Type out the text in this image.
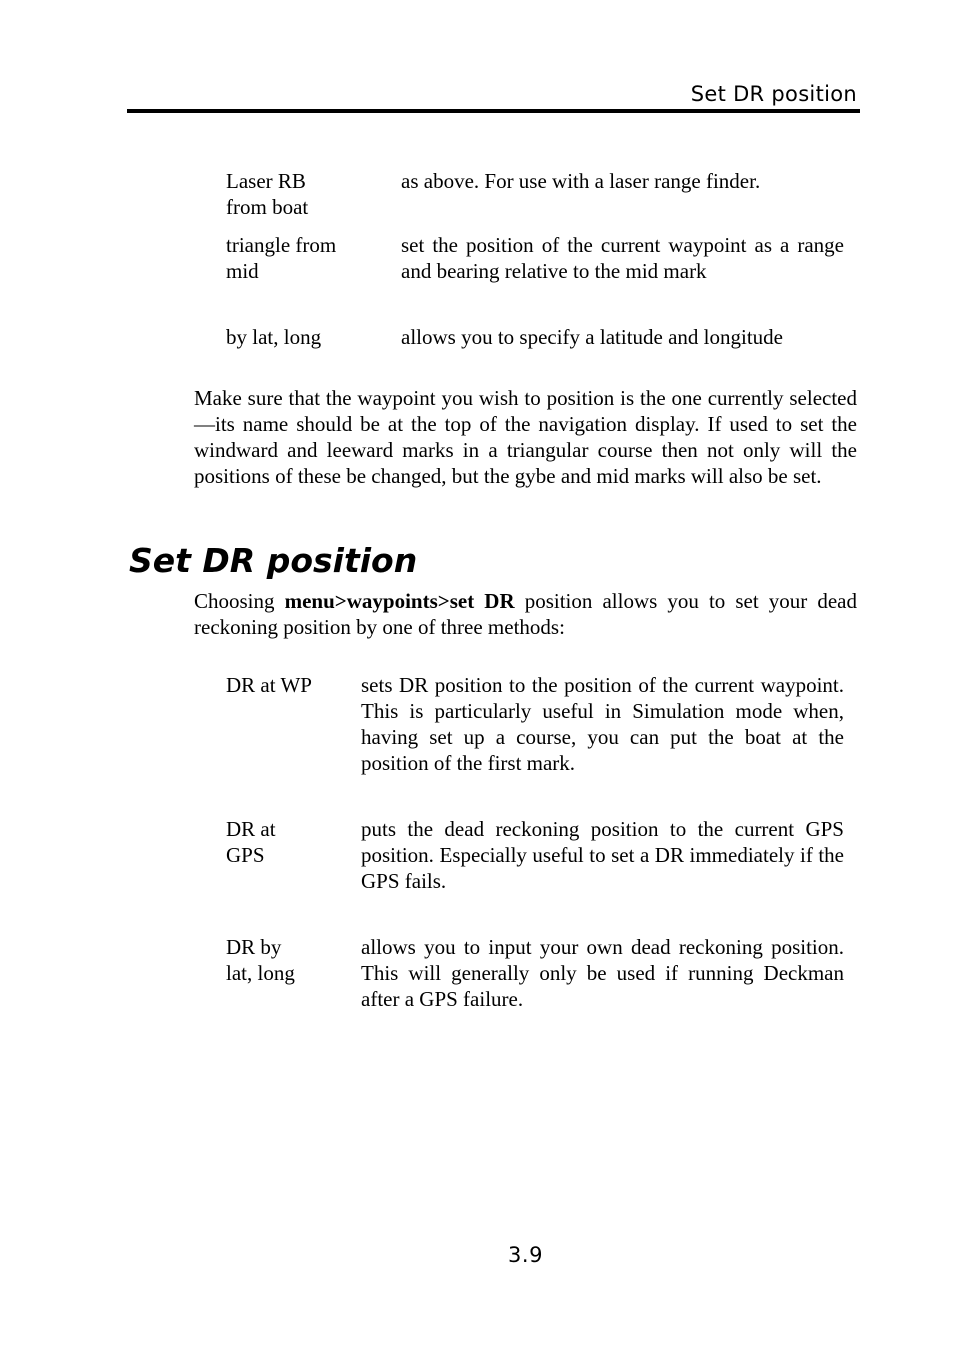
Set DR position
Laser RB from boat
as above. For use with a laser range finder.
triangle from mid
set the position of the current waypoint as a range and bearing relative to the mid mark
by lat, long	allows you to specify a latitude and longitude

Make sure that the waypoint you wish to position is the one currently selected—its name should be at the top of the navigation display. If used to set the windward and leeward marks in a triangular course then not only will the positions of these be changed, but the gybe and mid marks will also be set.

Set DR position

Choosing menu>waypoints>set DR position allows you to set your dead reckoning position by one of three methods:

DR at WP	sets DR position to the position of the current waypoint. This is particularly useful in Simulation mode when, having set up a course, you can put the boat at the position of the first mark.
DR at GPS
puts the dead reckoning position to the current GPS position. Especially useful to set a DR immediately if the GPS fails.
DR by lat, long
allows you to input your own dead reckoning position. This will generally only be used if running Deckman after a GPS failure.
3.9
